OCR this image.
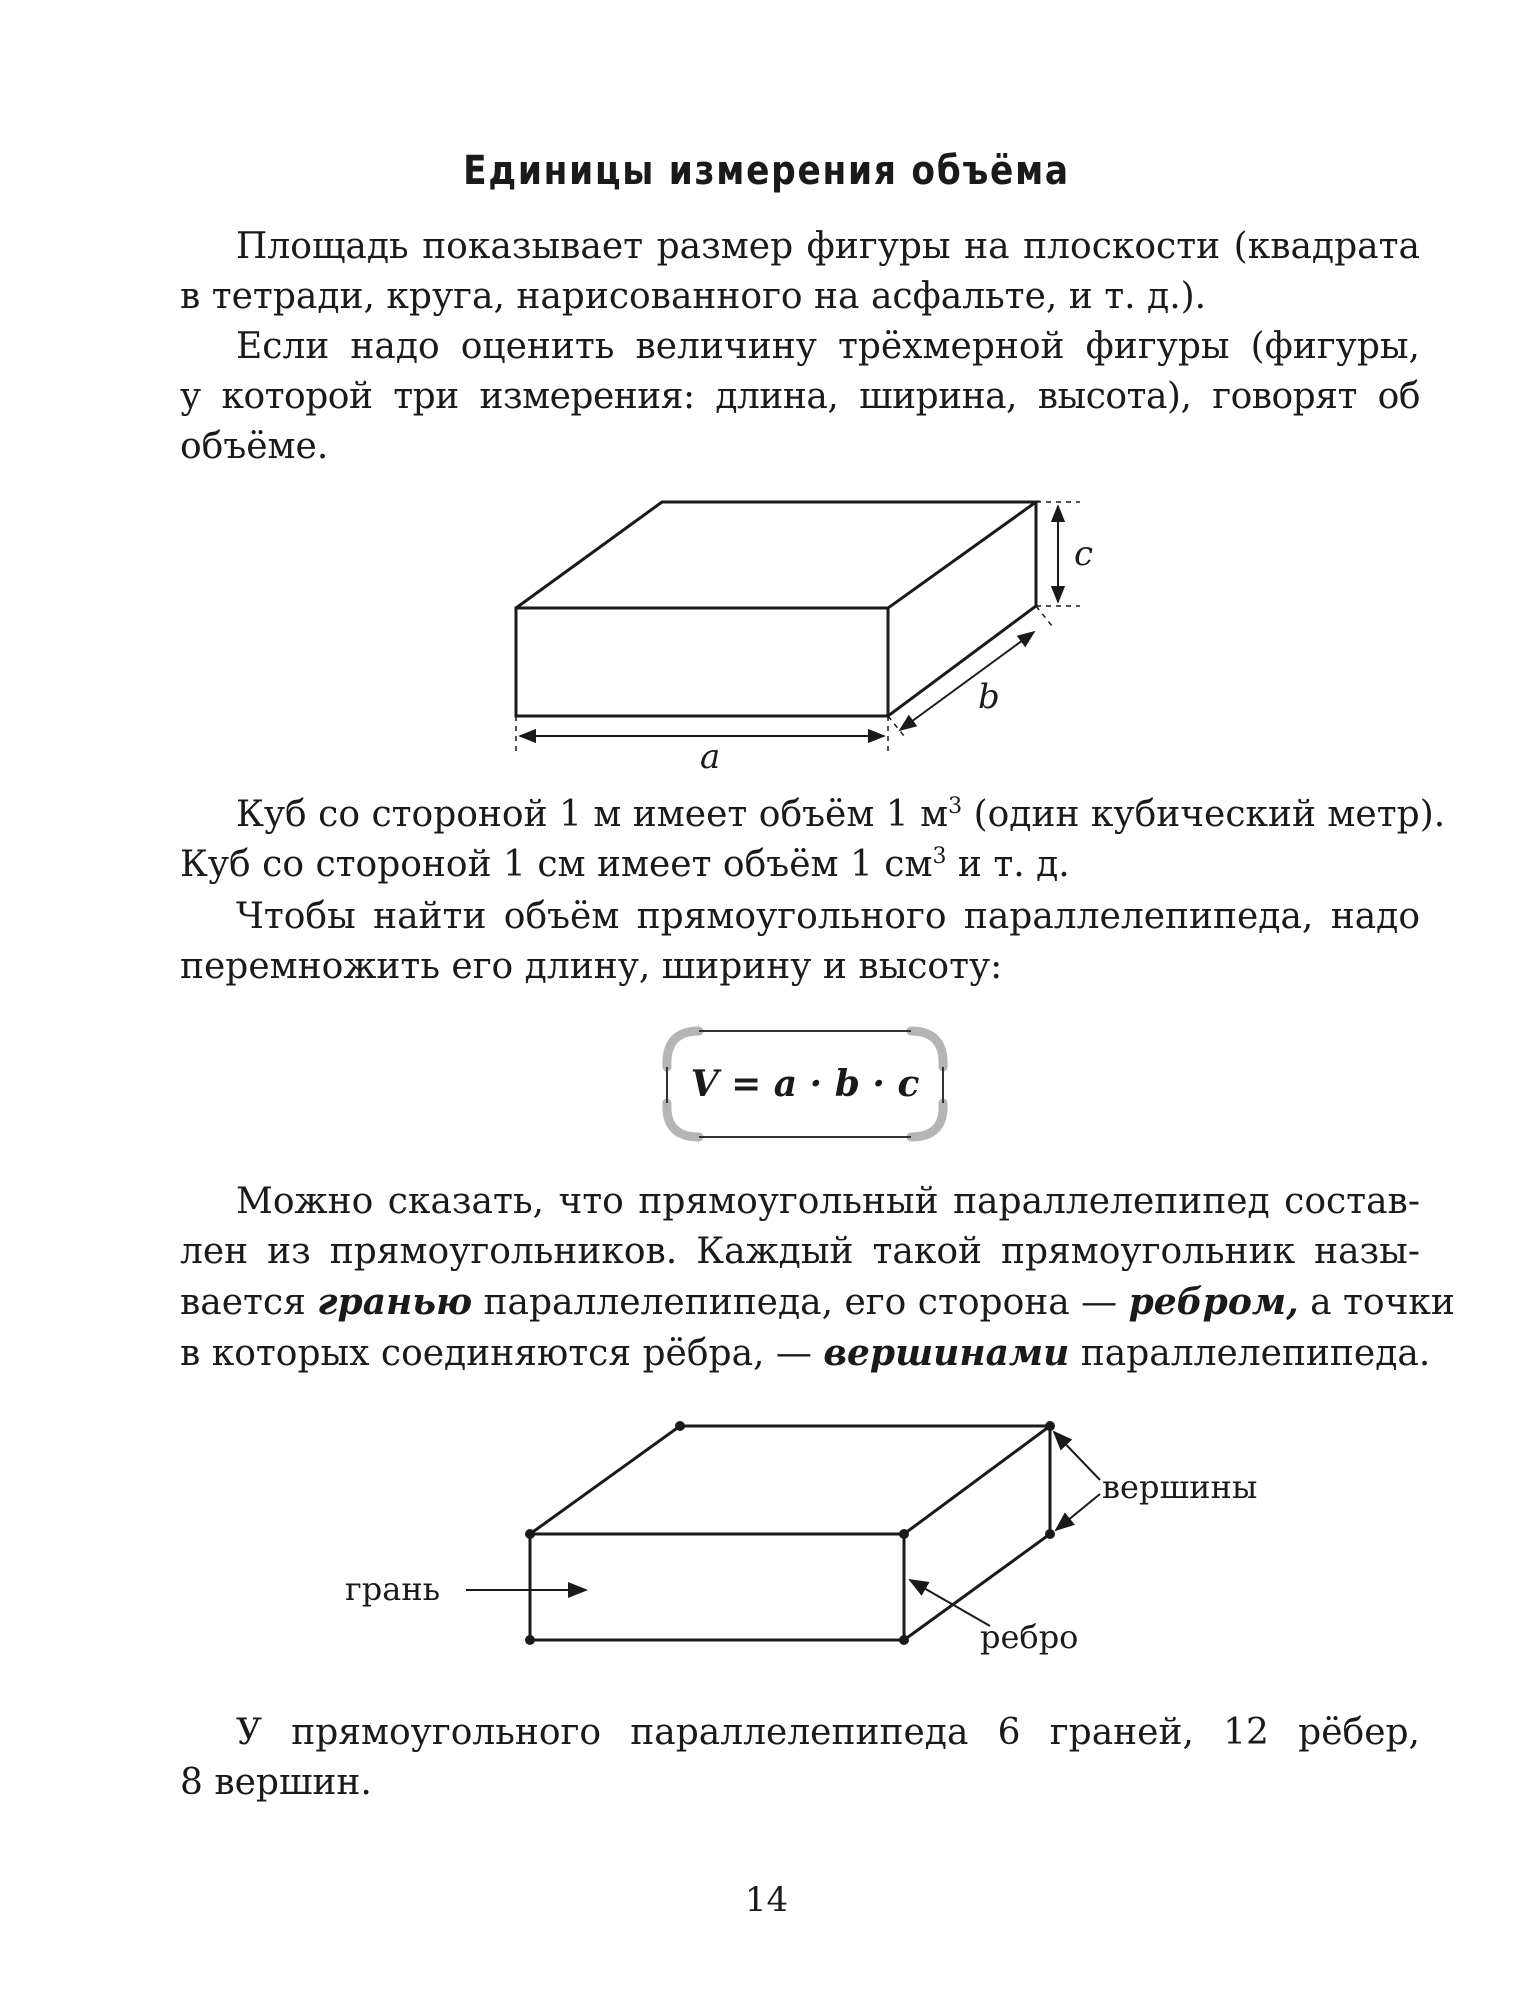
Единицы измерения объёма
Площадь показывает размер фигуры на плоскости (квадрата
в тетради, круга, нарисованного на асфальте, и т. д.).
Если надо оценить величину трёхмерной фигуры (фигуры,
у которой три измерения: длина, ширина, высота), говорят об
объёме.
a
b
c
Куб со стороной 1 м имеет объём 1 $м^3$ (один кубический метр).
Куб со стороной 1 см имеет объём 1 $см^3$ и т. д.
Чтобы найти объём прямоугольного параллелепипеда, надо
перемножить его длину, ширину и высоту:
V = a · b · c
Можно сказать, что прямоугольный параллелепипед состав-
лен из прямоугольников. Каждый такой прямоугольник назы-
вается гранью параллелепипеда, его сторона — ребром, а точки
в которых соединяются рёбра, — вершинами параллелепипеда.
грань
вершины
ребро
У прямоугольного параллелепипеда 6 граней, 12 рёбер,
8 вершин.
14
